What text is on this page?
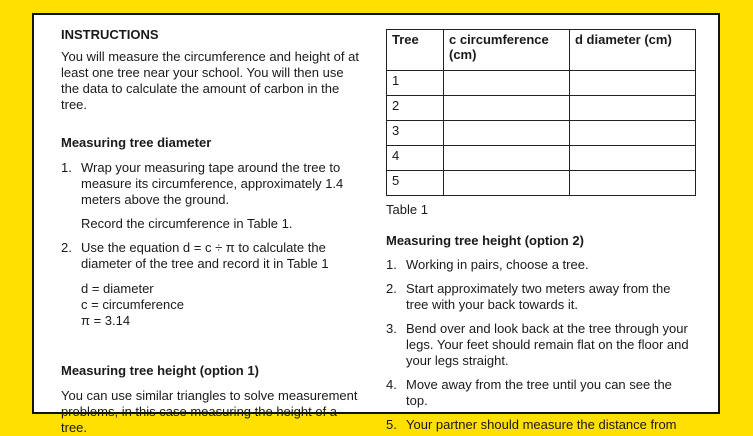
INSTRUCTIONS

You will measure the circumference and height of at least one tree near your school. You will then use the data to calculate the amount of carbon in the tree.

Measuring tree diameter

1. Wrap your measuring tape around the tree to measure its circumference, approximately 1.4 meters above the ground.
Record the circumference in Table 1.
2. Use the equation d = c ÷ π to calculate the diameter of the tree and record it in Table 1
d = diameter
c = circumference
π = 3.14

Measuring tree height (option 1)

You can use similar triangles to solve measurement problems, in this case measuring the height of a tree.

Tree	c circumference (cm)	d diameter (cm)
1		
2		
3		
4		
5		
Table 1

Measuring tree height (option 2)

1. Working in pairs, choose a tree.
2. Start approximately two meters away from the tree with your back towards it.
3. Bend over and look back at the tree through your legs. Your feet should remain flat on the floor and your legs straight.
4. Move away from the tree until you can see the top.
5. Your partner should measure the distance from
